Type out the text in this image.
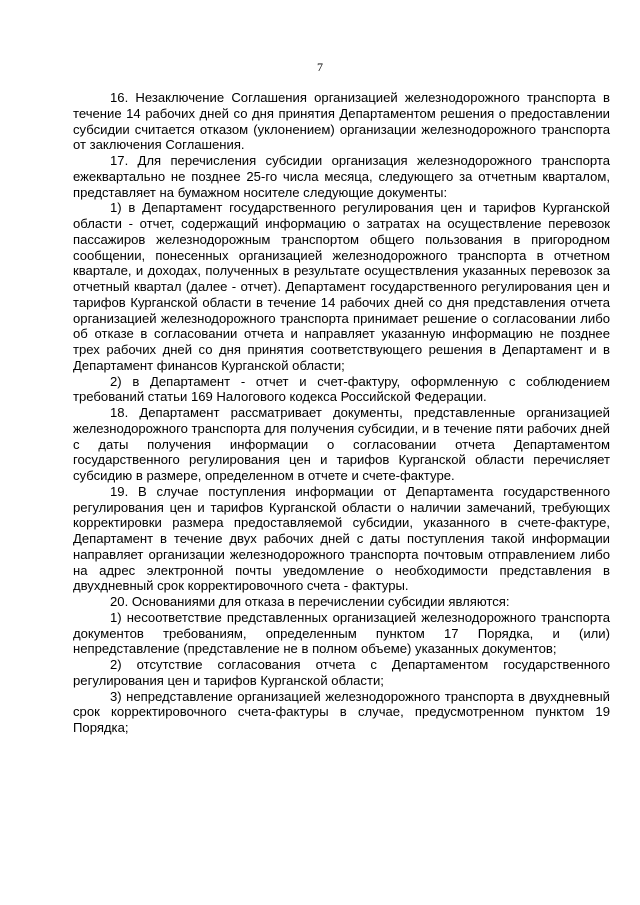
7

16. Незаключение Соглашения организацией железнодорожного транспорта в течение 14 рабочих дней со дня принятия Департаментом решения о предоставлении субсидии считается отказом (уклонением) организации железнодорожного транспорта от заключения Соглашения.

17. Для перечисления субсидии организация железнодорожного транспорта ежеквартально не позднее 25-го числа месяца, следующего за отчетным кварталом, представляет на бумажном носителе следующие документы:

1) в Департамент государственного регулирования цен и тарифов Курганской области - отчет, содержащий информацию о затратах на осуществление перевозок пассажиров железнодорожным транспортом общего пользования в пригородном сообщении, понесенных организацией железнодорожного транспорта в отчетном квартале, и доходах, полученных в результате осуществления указанных перевозок за отчетный квартал (далее - отчет). Департамент государственного регулирования цен и тарифов Курганской области в течение 14 рабочих дней со дня представления отчета организацией железнодорожного транспорта принимает решение о согласовании либо об отказе в согласовании отчета и направляет указанную информацию не позднее трех рабочих дней со дня принятия соответствующего решения в Департамент и в Департамент финансов Курганской области;

2) в Департамент - отчет и счет-фактуру, оформленную с соблюдением требований статьи 169 Налогового кодекса Российской Федерации.

18. Департамент рассматривает документы, представленные организацией железнодорожного транспорта для получения субсидии, и в течение пяти рабочих дней с даты получения информации о согласовании отчета Департаментом государственного регулирования цен и тарифов Курганской области перечисляет субсидию в размере, определенном в отчете и счете-фактуре.

19. В случае поступления информации от Департамента государственного регулирования цен и тарифов Курганской области о наличии замечаний, требующих корректировки размера предоставляемой субсидии, указанного в счете-фактуре, Департамент в течение двух рабочих дней с даты поступления такой информации направляет организации железнодорожного транспорта почтовым отправлением либо на адрес электронной почты уведомление о необходимости представления в двухдневный срок корректировочного счета - фактуры.

20. Основаниями для отказа в перечислении субсидии являются:

1) несоответствие представленных организацией железнодорожного транспорта документов требованиям, определенным пунктом 17 Порядка, и (или) непредставление (представление не в полном объеме) указанных документов;

2) отсутствие согласования отчета с Департаментом государственного регулирования цен и тарифов Курганской области;

3) непредставление организацией железнодорожного транспорта в двухдневный срок корректировочного счета-фактуры в случае, предусмотренном пунктом 19 Порядка;
